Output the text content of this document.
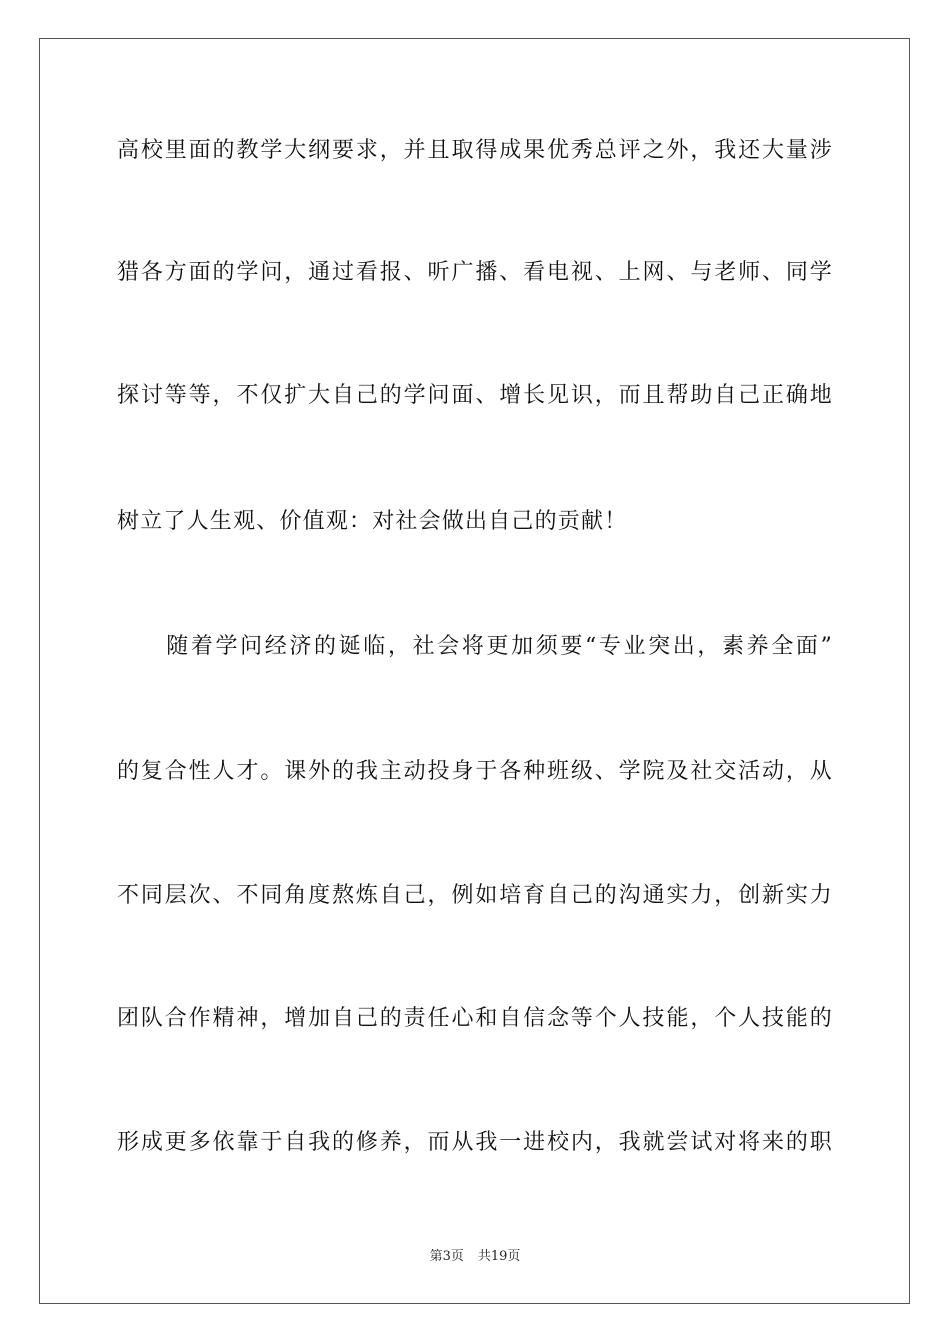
高校里面的教学大纲要求，并且取得成果优秀总评之外，我还大量涉
猎各方面的学问，通过看报、听广播、看电视、上网、与老师、同学
探讨等等，不仅扩大自己的学问面、增长见识，而且帮助自己正确地
树立了人生观、价值观：对社会做出自己的贡献！
　　随着学问经济的诞临，社会将更加须要“专业突出，素养全面”
的复合性人才。课外的我主动投身于各种班级、学院及社交活动，从
不同层次、不同角度熬炼自己，例如培育自己的沟通实力，创新实力
团队合作精神，增加自己的责任心和自信念等个人技能，个人技能的
形成更多依靠于自我的修养，而从我一进校内，我就尝试对将来的职
第3页 共19页
